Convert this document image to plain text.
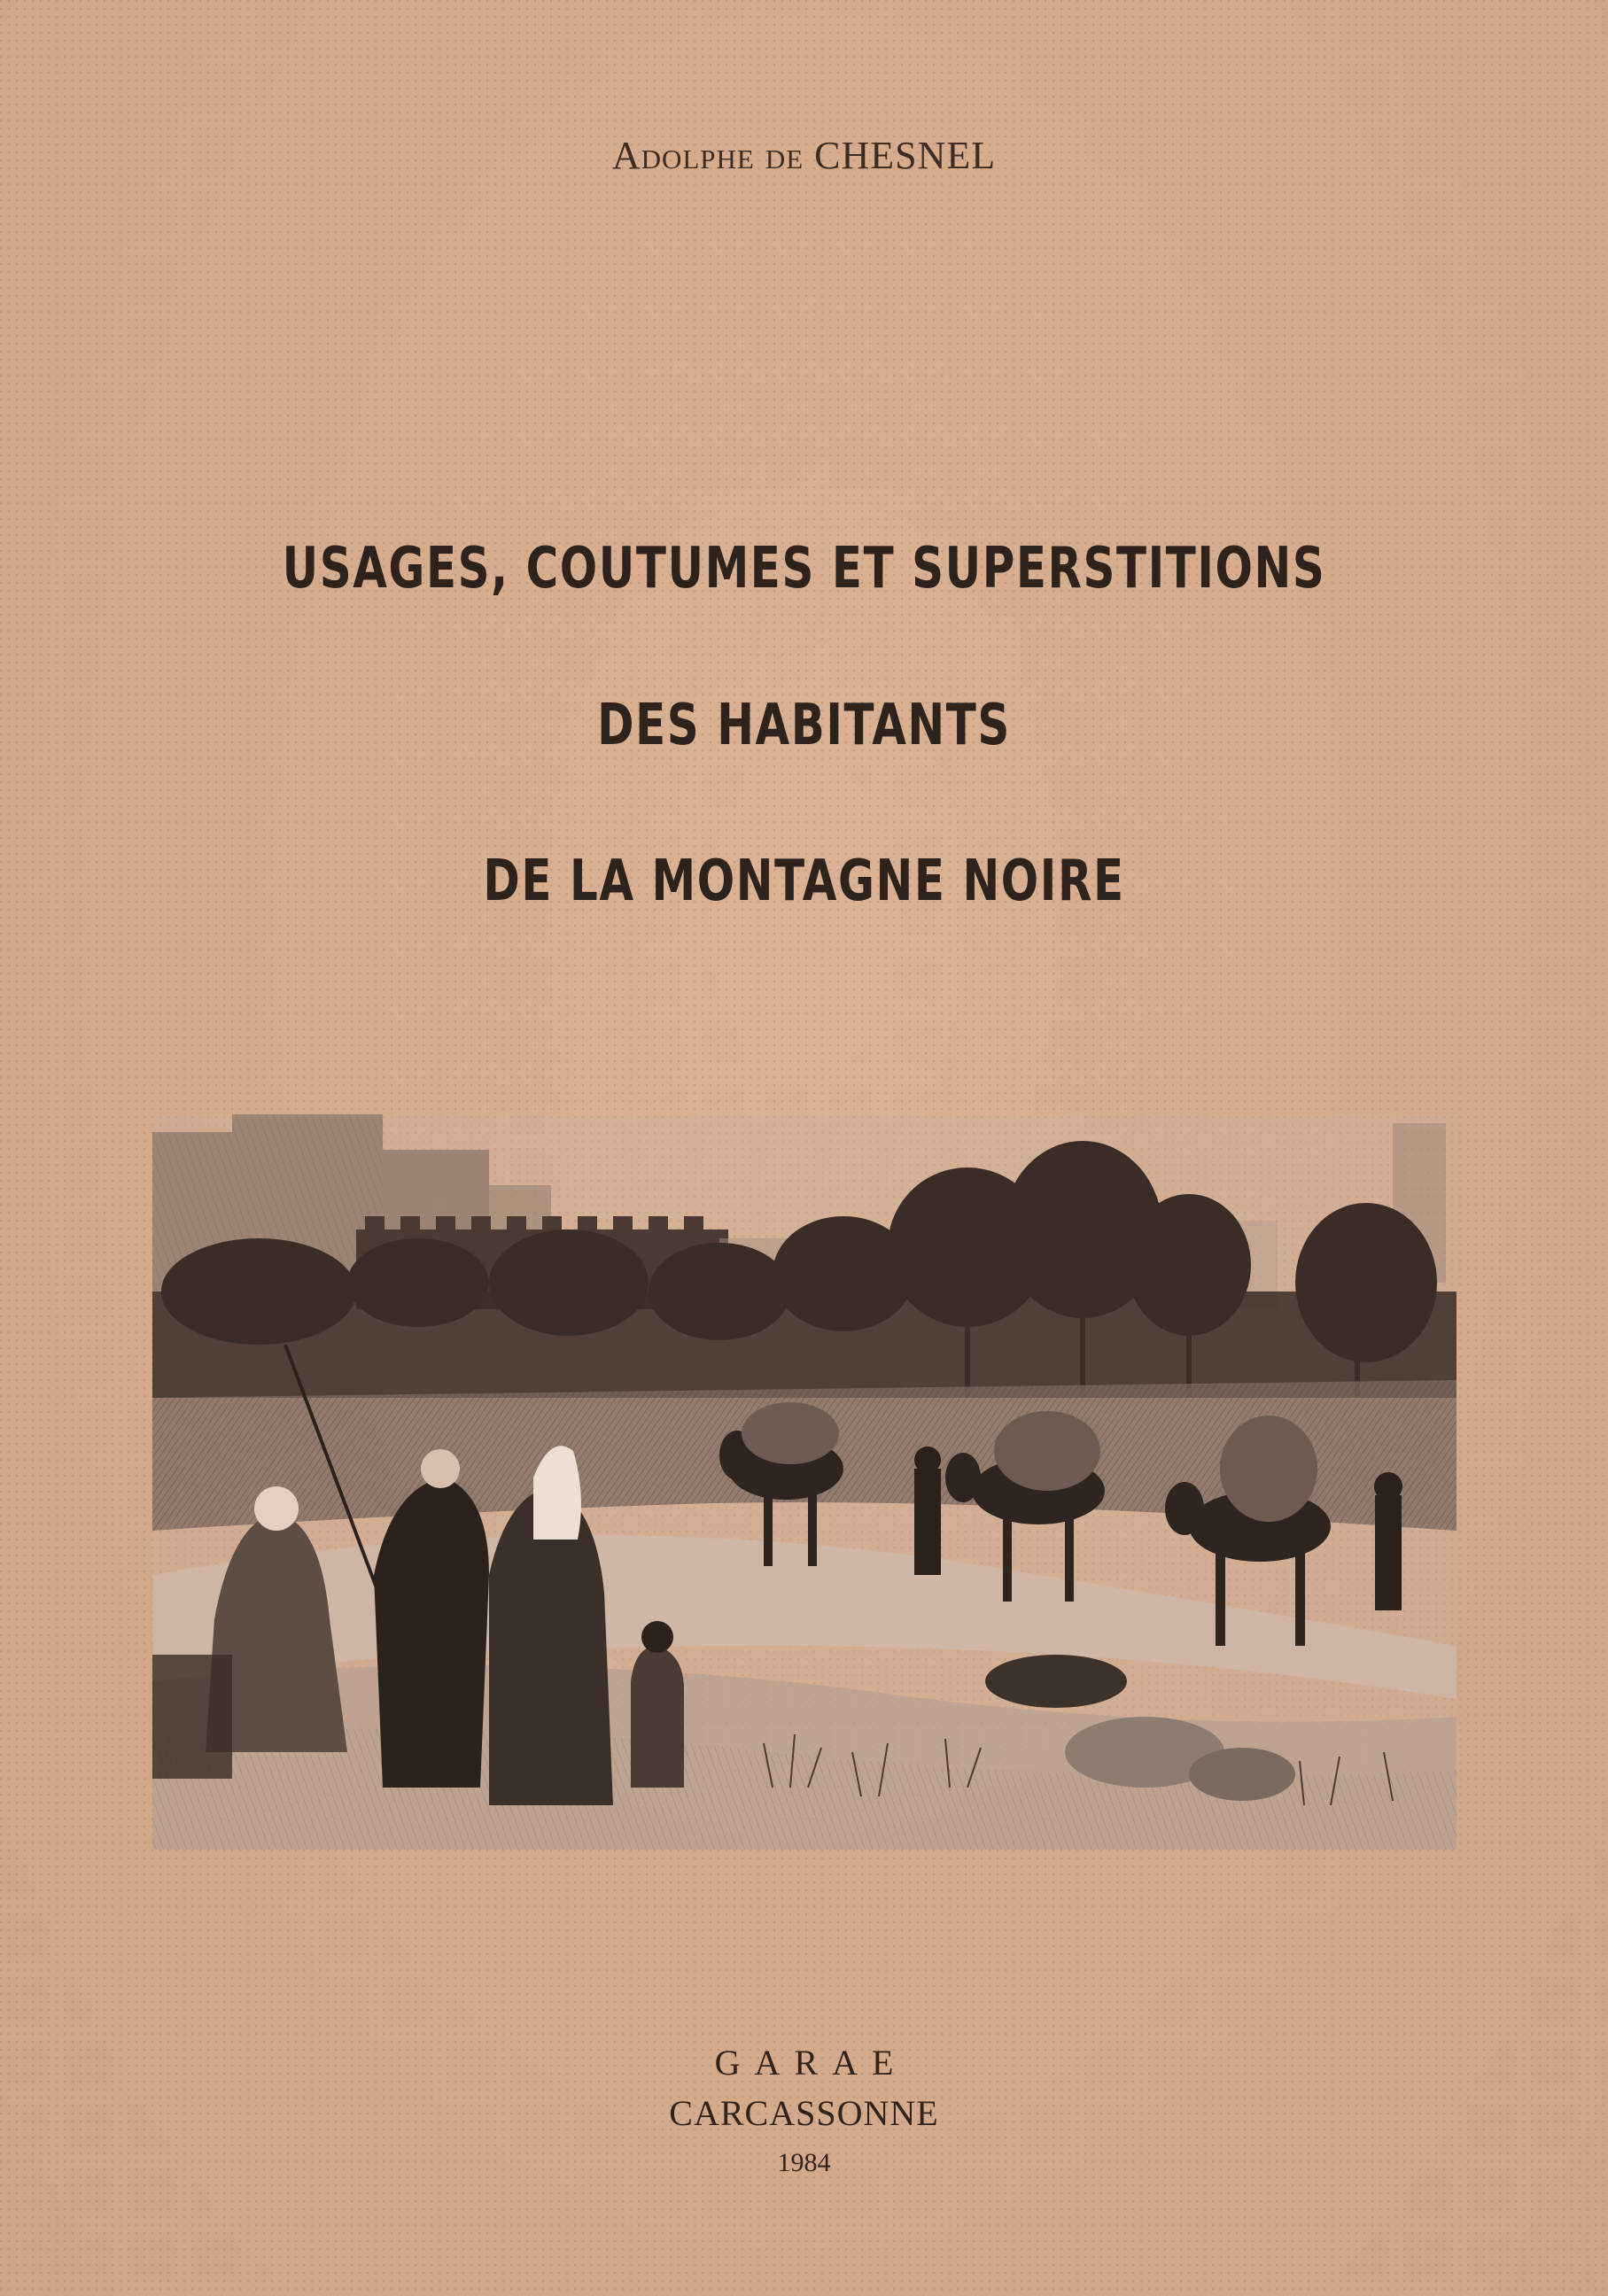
Adolphe de CHESNEL
USAGES, COUTUMES ET SUPERSTITIONS
DES HABITANTS
DE LA MONTAGNE NOIRE
GARAE
CARCASSONNE
1984
